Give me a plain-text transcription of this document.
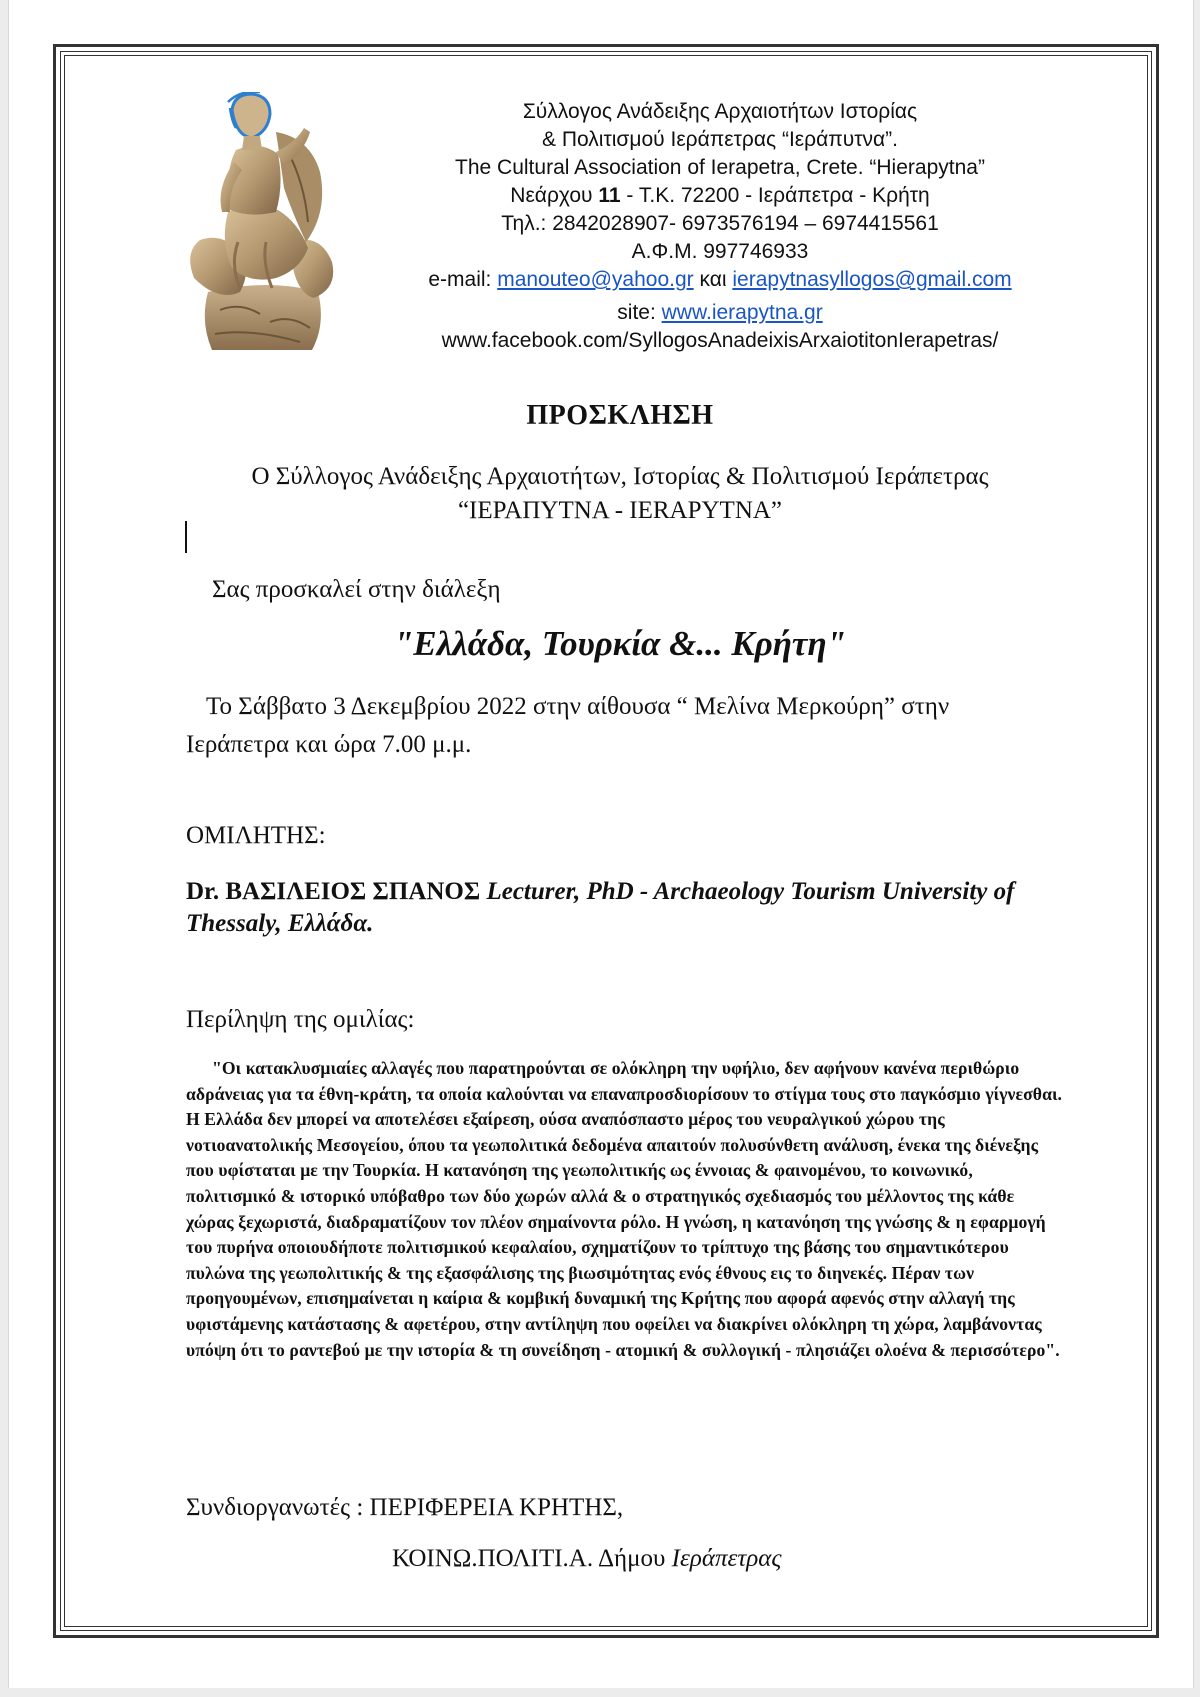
Σύλλογος Ανάδειξης Αρχαιοτήτων Ιστορίας
& Πολιτισμού Ιεράπετρας “Ιεράπυτνα”.
The Cultural Association of Ierapetra, Crete. “Hierapytna”
Νεάρχου 11 - Τ.Κ. 72200 - Ιεράπετρα - Κρήτη
Τηλ.: 2842028907- 6973576194 – 6974415561
Α.Φ.Μ. 997746933
e-mail: manouteo@yahoo.gr και ierapytnasyllogos@gmail.com
site: www.ierapytna.gr
www.facebook.com/SyllogosAnadeixisArxaiotitonIerapetras/
ΠΡΟΣΚΛΗΣΗ
Ο Σύλλογος Ανάδειξης Αρχαιοτήτων, Ιστορίας & Πολιτισμού Ιεράπετρας
“ΙΕΡΑΠΥΤΝΑ - IERAPYTNA”
Σας προσκαλεί στην διάλεξη
"Ελλάδα, Τουρκία &... Κρήτη"
Το Σάββατο 3 Δεκεμβρίου 2022 στην αίθουσα “ Μελίνα Μερκούρη” στην
Ιεράπετρα και ώρα 7.00 μ.μ.
ΟΜΙΛΗΤΗΣ:
Dr. ΒΑΣΙΛΕΙΟΣ ΣΠΑΝΟΣ Lecturer, PhD - Archaeology Tourism University of Thessaly, Ελλάδα.
Περίληψη της ομιλίας:
"Οι κατακλυσμιαίες αλλαγές που παρατηρούνται σε ολόκληρη την υφήλιο, δεν αφήνουν κανένα περιθώριο αδράνειας για τα έθνη-κράτη, τα οποία καλούνται να επαναπροσδιορίσουν το στίγμα τους στο παγκόσμιο γίγνεσθαι. Η Ελλάδα δεν μπορεί να αποτελέσει εξαίρεση, ούσα αναπόσπαστο μέρος του νευραλγικού χώρου της νοτιοανατολικής Μεσογείου, όπου τα γεωπολιτικά δεδομένα απαιτούν πολυσύνθετη ανάλυση, ένεκα της διένεξης που υφίσταται με την Τουρκία. Η κατανόηση της γεωπολιτικής ως έννοιας & φαινομένου, το κοινωνικό, πολιτισμικό & ιστορικό υπόβαθρο των δύο χωρών αλλά & ο στρατηγικός σχεδιασμός του μέλλοντος της κάθε χώρας ξεχωριστά, διαδραματίζουν τον πλέον σημαίνοντα ρόλο. Η γνώση, η κατανόηση της γνώσης & η εφαρμογή του πυρήνα οποιουδήποτε πολιτισμικού κεφαλαίου, σχηματίζουν το τρίπτυχο της βάσης του σημαντικότερου πυλώνα της γεωπολιτικής & της εξασφάλισης της βιωσιμότητας ενός έθνους εις το διηνεκές. Πέραν των προηγουμένων, επισημαίνεται η καίρια & κομβική δυναμική της Κρήτης που αφορά αφενός στην αλλαγή της υφιστάμενης κατάστασης & αφετέρου, στην αντίληψη που οφείλει να διακρίνει ολόκληρη τη χώρα, λαμβάνοντας υπόψη ότι το ραντεβού με την ιστορία & τη συνείδηση - ατομική & συλλογική - πλησιάζει ολοένα & περισσότερο".
Συνδιοργανωτές : ΠΕΡΙΦΕΡΕΙΑ ΚΡΗΤΗΣ,
ΚΟΙΝΩ.ΠΟΛΙΤΙ.Α. Δήμου Ιεράπετρας
